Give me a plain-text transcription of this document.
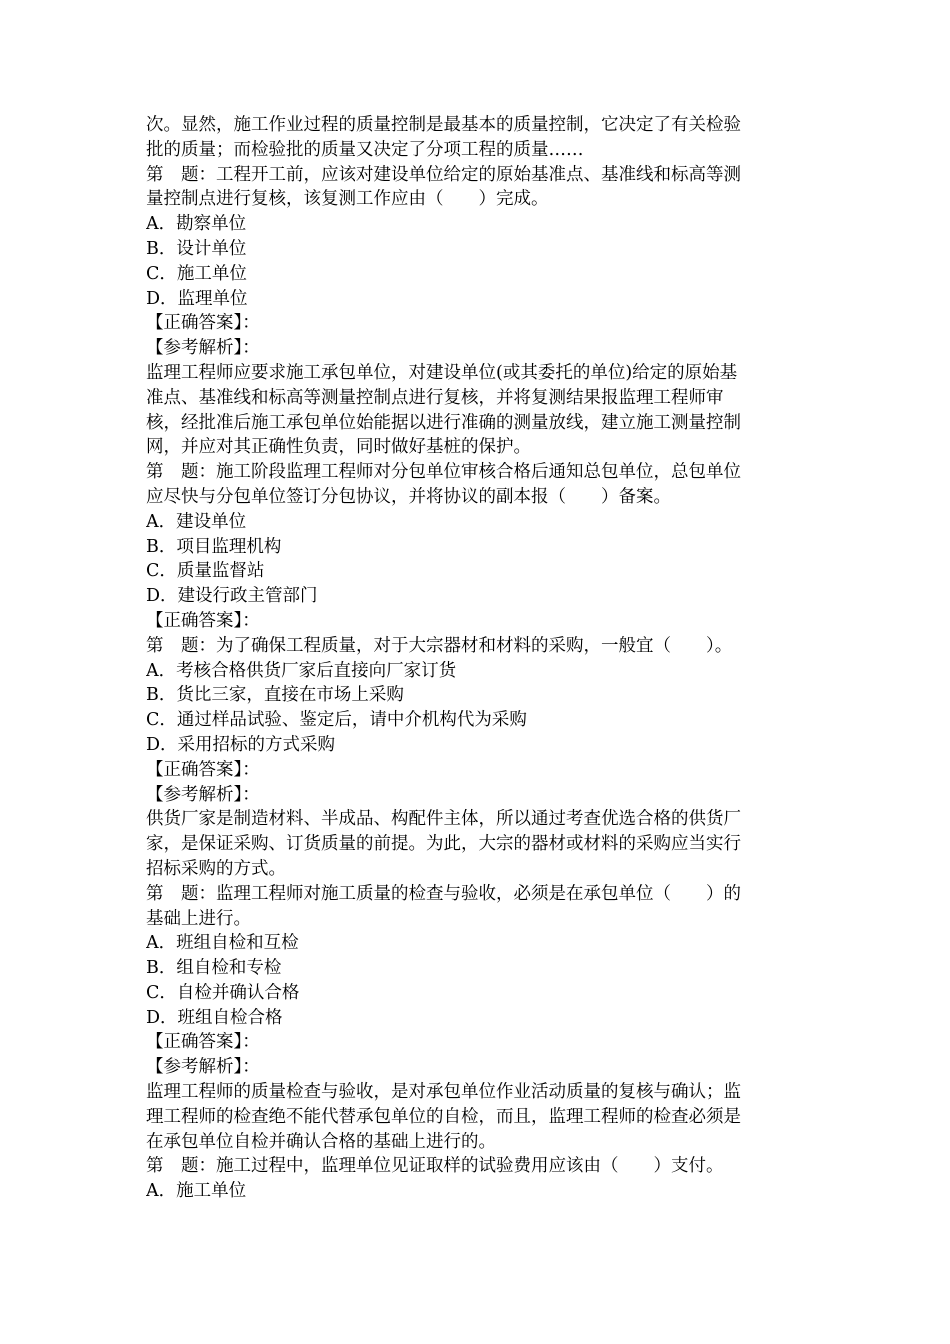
次。显然，施工作业过程的质量控制是最基本的质量控制，它决定了有关检验
批的质量；而检验批的质量又决定了分项工程的质量……
第　题：工程开工前，应该对建设单位给定的原始基准点、基准线和标高等测
量控制点进行复核，该复测工作应由（　　）完成。
A．勘察单位
B．设计单位
C．施工单位
D．监理单位
【正确答案】：
【参考解析】：
监理工程师应要求施工承包单位，对建设单位(或其委托的单位)给定的原始基
准点、基准线和标高等测量控制点进行复核，并将复测结果报监理工程师审
核，经批准后施工承包单位始能据以进行准确的测量放线，建立施工测量控制
网，并应对其正确性负责，同时做好基桩的保护。
第　题：施工阶段监理工程师对分包单位审核合格后通知总包单位，总包单位
应尽快与分包单位签订分包协议，并将协议的副本报（　　）备案。
A．建设单位
B．项目监理机构
C．质量监督站
D．建设行政主管部门
【正确答案】：
第　题：为了确保工程质量，对于大宗器材和材料的采购，一般宜（　　）。
A．考核合格供货厂家后直接向厂家订货
B．货比三家，直接在市场上采购
C．通过样品试验、鉴定后，请中介机构代为采购
D．采用招标的方式采购
【正确答案】：
【参考解析】：
供货厂家是制造材料、半成品、构配件主体，所以通过考查优选合格的供货厂
家，是保证采购、订货质量的前提。为此，大宗的器材或材料的采购应当实行
招标采购的方式。
第　题：监理工程师对施工质量的检查与验收，必须是在承包单位（　　）的
基础上进行。
A．班组自检和互检
B．组自检和专检
C．自检并确认合格
D．班组自检合格
【正确答案】：
【参考解析】：
监理工程师的质量检查与验收，是对承包单位作业活动质量的复核与确认；监
理工程师的检查绝不能代替承包单位的自检，而且，监理工程师的检查必须是
在承包单位自检并确认合格的基础上进行的。
第　题：施工过程中，监理单位见证取样的试验费用应该由（　　）支付。
A．施工单位
